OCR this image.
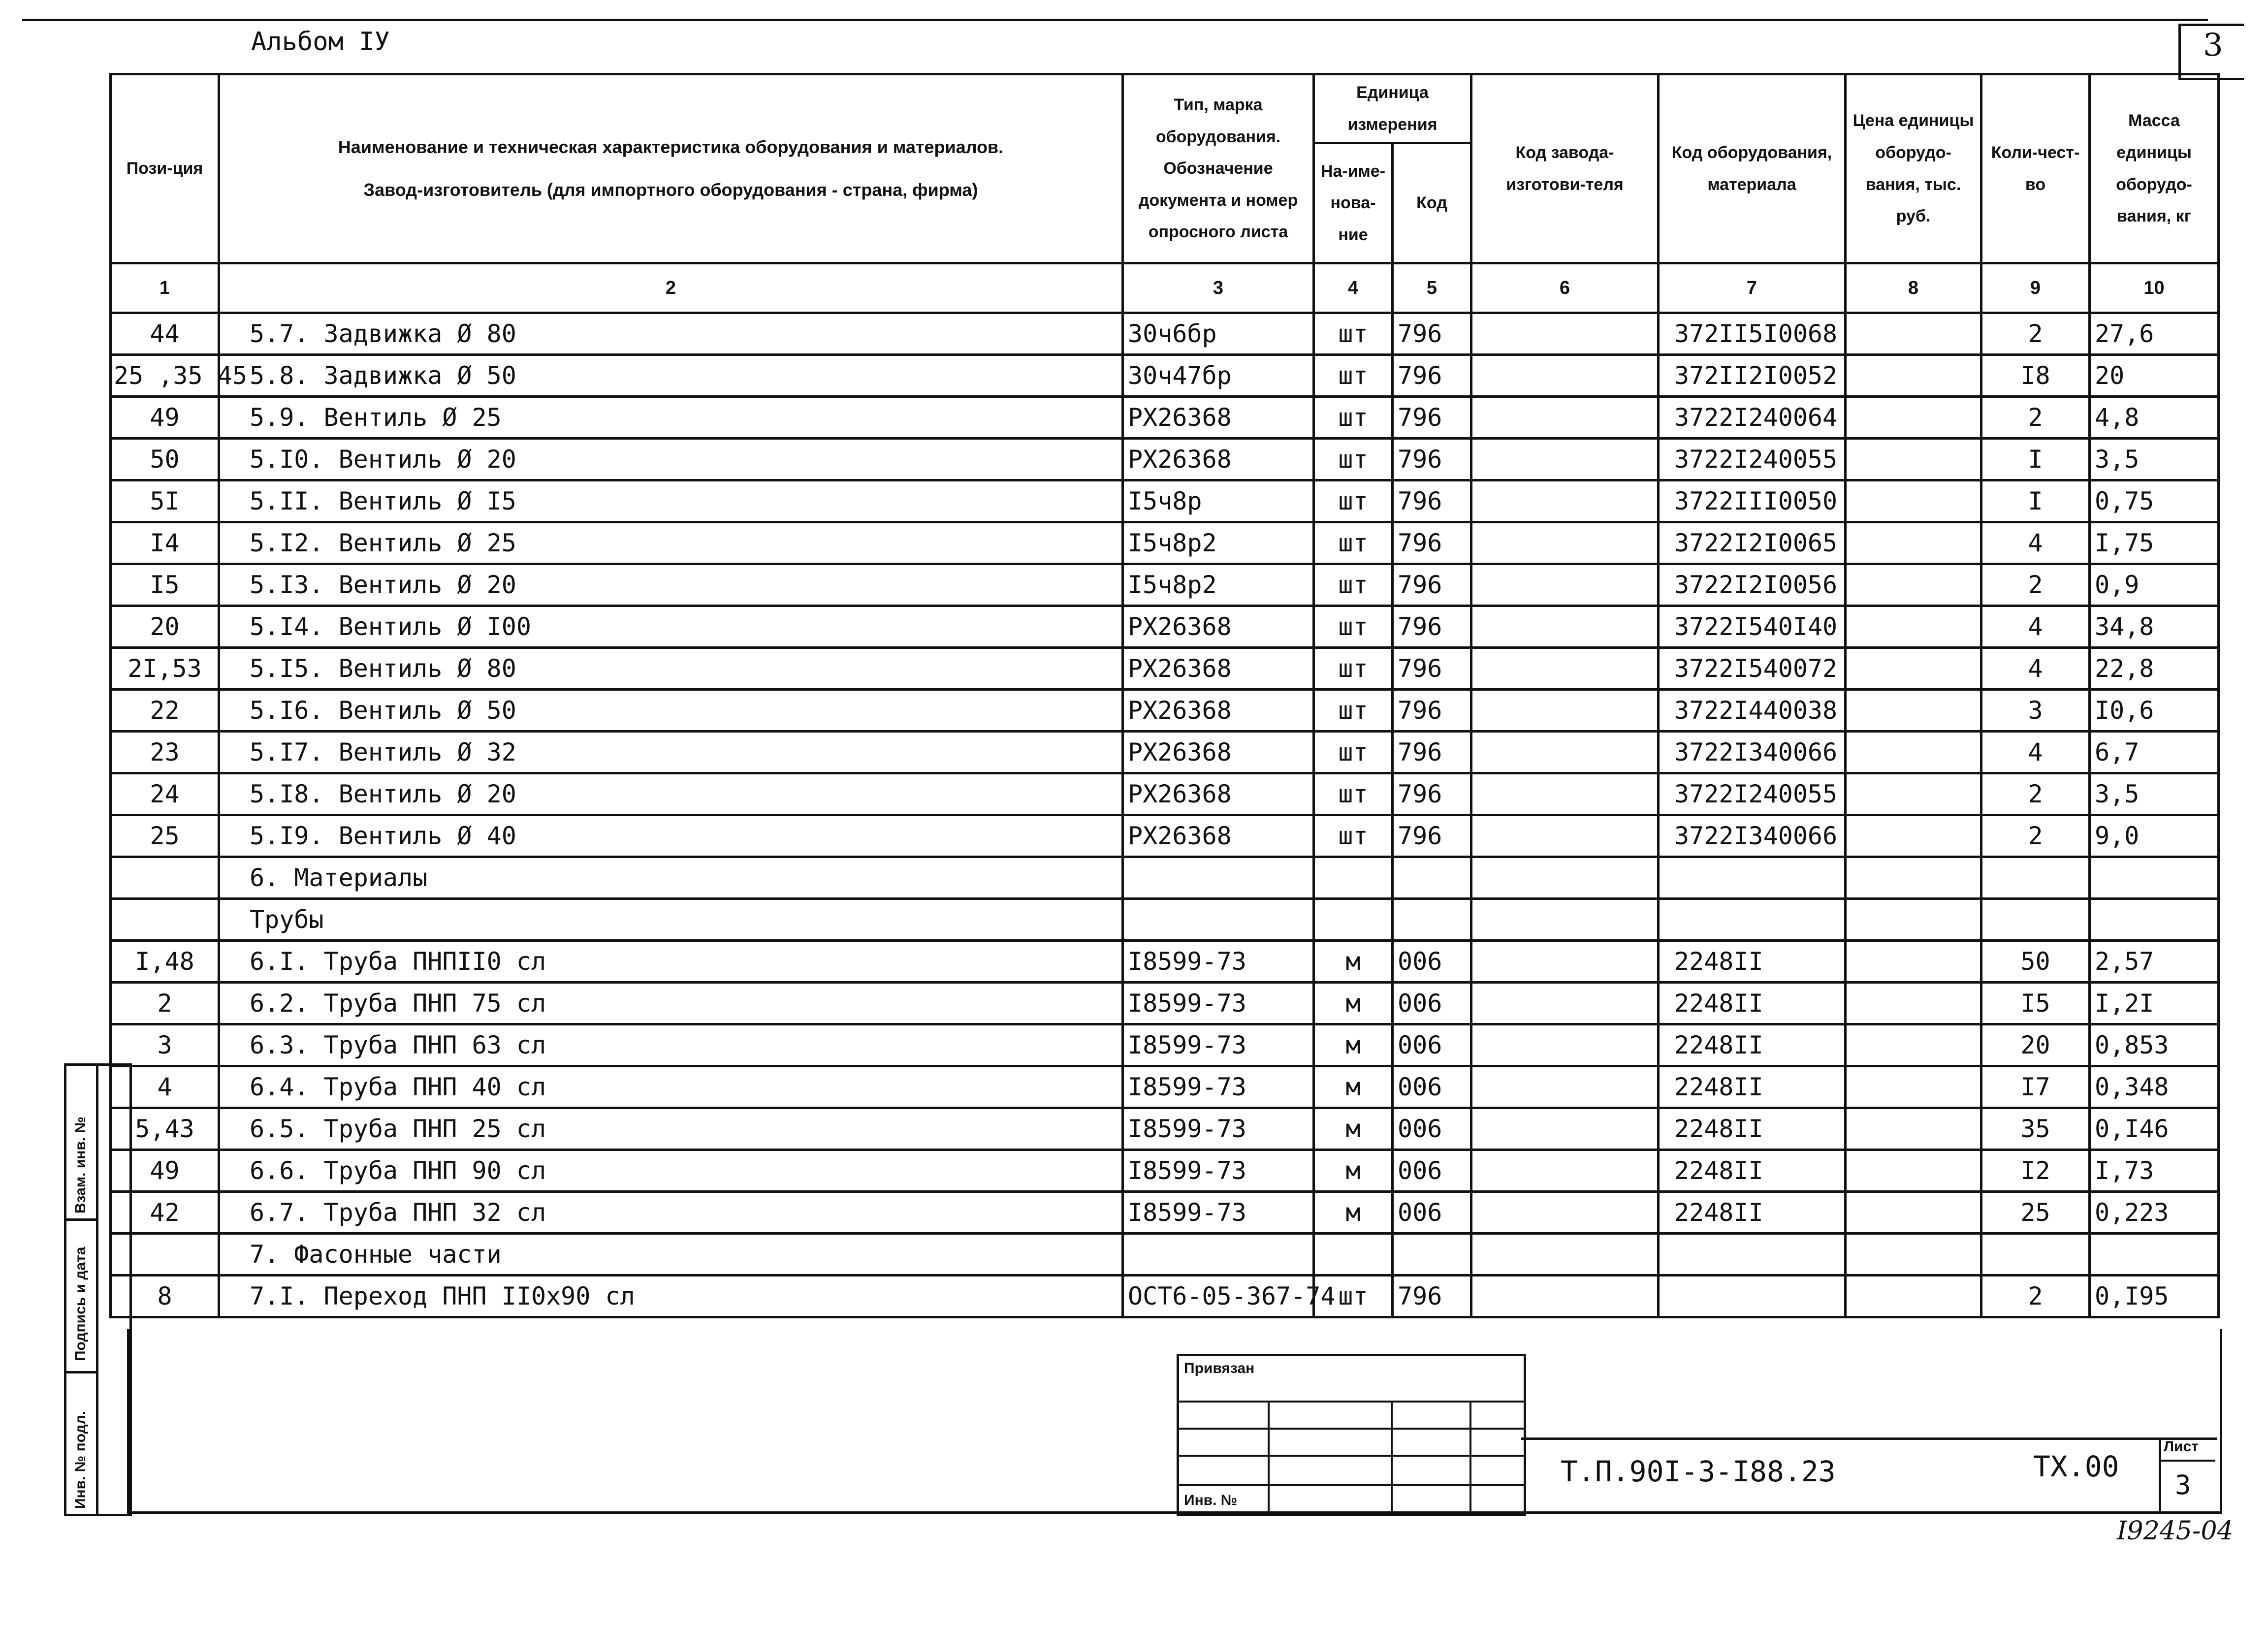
Альбом IУ	3
Пози-ция	Наименование и техническая характеристика оборудования и материалов.
Завод-изготовитель (для импортного оборудования - страна, фирма)	Тип, марка оборудования. Обозначение документа и номер опросного листа	Единица измерения		Код завода-изготови-теля	Код оборудования, материала	Цена единицы оборудо-вания, тыс. руб.	Коли-чест-во	Масса единицы оборудо-вания, кг
			На-име-нова-ние	Код					
1	2	3	4	5	6	7	8	9	10
44	5.7. Задвижка Ø 80	30ч6бр	шт	796		372II5I0068		2	27,6
25 ,35 45	5.8. Задвижка Ø 50	30ч47бр	шт	796		372II2I0052		I8	20
49	5.9. Вентиль Ø 25	РХ26368	шт	796		3722I240064		2	4,8
50	5.I0. Вентиль Ø 20	РХ26368	шт	796		3722I240055		I	3,5
5I	5.II. Вентиль Ø I5	I5ч8р	шт	796		3722III0050		I	0,75
I4	5.I2. Вентиль Ø 25	I5ч8р2	шт	796		3722I2I0065		4	I,75
I5	5.I3. Вентиль Ø 20	I5ч8р2	шт	796		3722I2I0056		2	0,9
20	5.I4. Вентиль Ø I00	РХ26368	шт	796		3722I540I40		4	34,8
2I,53	5.I5. Вентиль Ø 80	РХ26368	шт	796		3722I540072		4	22,8
22	5.I6. Вентиль Ø 50	РХ26368	шт	796		3722I440038		3	I0,6
23	5.I7. Вентиль Ø 32	РХ26368	шт	796		3722I340066		4	6,7
24	5.I8. Вентиль Ø 20	РХ26368	шт	796		3722I240055		2	3,5
25	5.I9. Вентиль Ø 40	РХ26368	шт	796		3722I340066		2	9,0
	6. Материалы								
	Трубы								
I,48	6.I. Труба ПНПII0 сл	I8599-73	м	006		2248II		50	2,57
2	6.2. Труба ПНП 75 сл	I8599-73	м	006		2248II		I5	I,2I
3	6.3. Труба ПНП 63 сл	I8599-73	м	006		2248II		20	0,853
4	6.4. Труба ПНП 40 сл	I8599-73	м	006		2248II		I7	0,348
5,43	6.5. Труба ПНП 25 сл	I8599-73	м	006		2248II		35	0,I46
49	6.6. Труба ПНП 90 сл	I8599-73	м	006		2248II		I2	I,73
42	6.7. Труба ПНП 32 сл	I8599-73	м	006		2248II		25	0,223
	7. Фасонные части								
8	7.I. Переход ПНП II0x90 сл	ОСТ6-05-367-74	шт	796				2	0,I95
Взам. инв. №
Подпись и дата
Инв. № подл.
Привязан
Инв. №
Т.П.90I-3-I88.23	ТХ.00
Лист
3
I9245-04
